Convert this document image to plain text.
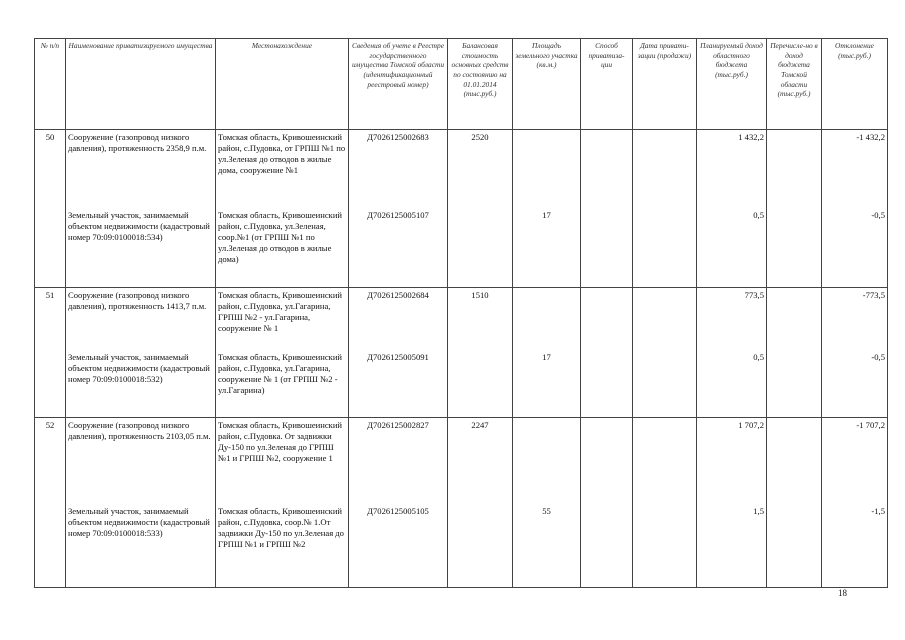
№ п/п	Наименование приватизируемого имущества	Местонахождение	Сведения об учете в Реестре государственного имущества Томской области (идентификационный реестровый номер)	Балансовая стоимость основных средств по состоянию на 01.01.2014 (тыс.руб.)	Площадь земельного участка (кв.м.)	Способ приватиза-ции	Дата привати-зации (продажи)	Планируемый доход областного бюджета (тыс.руб.)	Перечисле-но в доход бюджета Томской области (тыс.руб.)	Отклонение (тыс.руб.)
50	Сооружение (газопровод низкого давления), протяженность 2358,9 п.м.	Томская область, Кривошеинский район, с.Пудовка, от ГРПШ №1 по ул.Зеленая до отводов в жилые дома, сооружение №1	Д7026125002683	2520				1 432,2		-1 432,2
	Земельный участок, занимаемый объектом недвижимости (кадастровый номер 70:09:0100018:534)	Томская область, Кривошеинский район, с.Пудовка, ул.Зеленая, соор.№1 (от ГРПШ №1 по ул.Зеленая до отводов в жилые дома)	Д7026125005107		17			0,5		-0,5
51	Сооружение (газопровод низкого давления), протяженность 1413,7 п.м.	Томская область, Кривошеинский район, с.Пудовка, ул.Гагарина, ГРПШ №2 - ул.Гагарина, сооружение № 1	Д7026125002684	1510				773,5		-773,5
	Земельный участок, занимаемый объектом недвижимости (кадастровый номер 70:09:0100018:532)	Томская область, Кривошеинский район, с.Пудовка, ул.Гагарина, сооружение № 1 (от ГРПШ №2 - ул.Гагарина)	Д7026125005091		17			0,5		-0,5
52	Сооружение (газопровод низкого давления), протяженность 2103,05 п.м.	Томская область, Кривошеинский район, с.Пудовка. От задвижки Ду-150 по ул.Зеленая до ГРПШ №1 и ГРПШ №2, сооружение 1	Д7026125002827	2247				1 707,2		-1 707,2
	Земельный участок, занимаемый объектом недвижимости (кадастровый номер 70:09:0100018:533)	Томская область, Кривошеинский район, с.Пудовка, соор.№ 1.От задвижки Ду-150 по ул.Зеленая до ГРПШ №1 и ГРПШ №2	Д7026125005105		55			1,5		-1,5
18
